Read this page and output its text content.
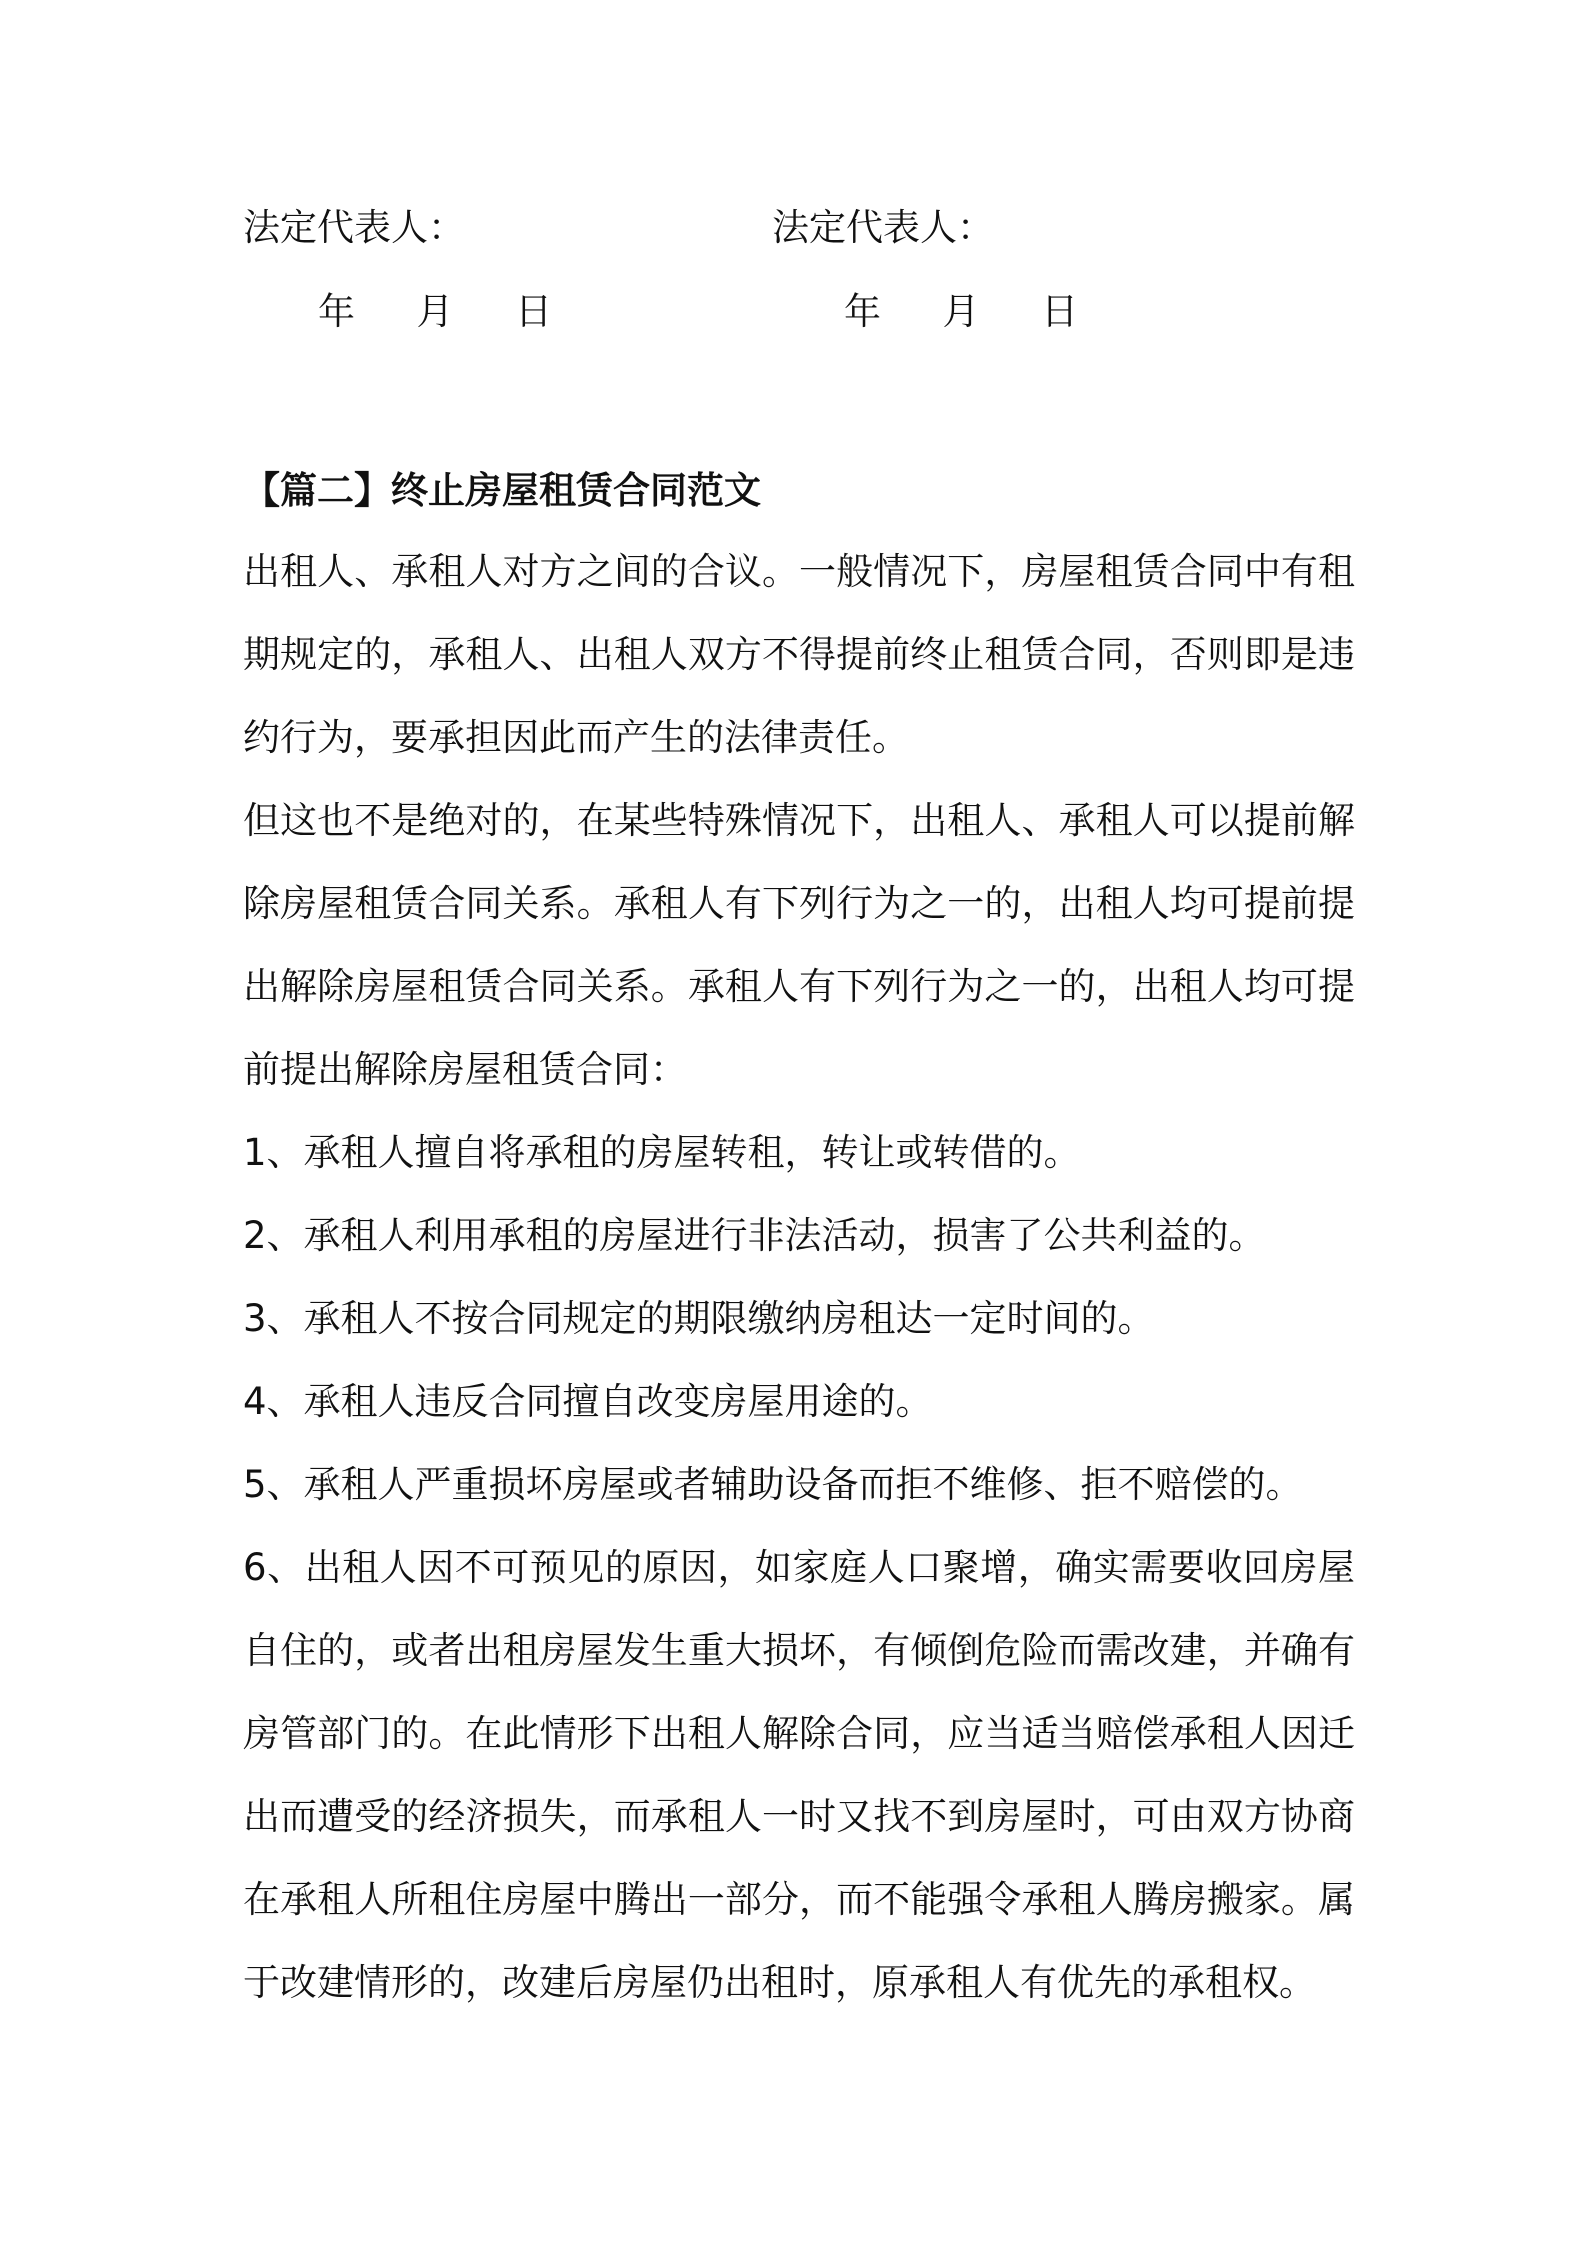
法定代表人：	法定代表人：
年 月 日	年 月 日

【篇二】终止房屋租赁合同范文

出租人、承租人对方之间的合议。一般情况下，房屋租赁合同中有租期规定的，承租人、出租人双方不得提前终止租赁合同，否则即是违约行为，要承担因此而产生的法律责任。

但这也不是绝对的，在某些特殊情况下，出租人、承租人可以提前解除房屋租赁合同关系。承租人有下列行为之一的，出租人均可提前提出解除房屋租赁合同关系。承租人有下列行为之一的，出租人均可提前提出解除房屋租赁合同：

1、承租人擅自将承租的房屋转租，转让或转借的。

2、承租人利用承租的房屋进行非法活动，损害了公共利益的。

3、承租人不按合同规定的期限缴纳房租达一定时间的。

4、承租人违反合同擅自改变房屋用途的。

5、承租人严重损坏房屋或者辅助设备而拒不维修、拒不赔偿的。

6、出租人因不可预见的原因，如家庭人口聚增，确实需要收回房屋自住的，或者出租房屋发生重大损坏，有倾倒危险而需改建，并确有房管部门的。在此情形下出租人解除合同，应当适当赔偿承租人因迁出而遭受的经济损失，而承租人一时又找不到房屋时，可由双方协商在承租人所租住房屋中腾出一部分，而不能强令承租人腾房搬家。属于改建情形的，改建后房屋仍出租时，原承租人有优先的承租权。
